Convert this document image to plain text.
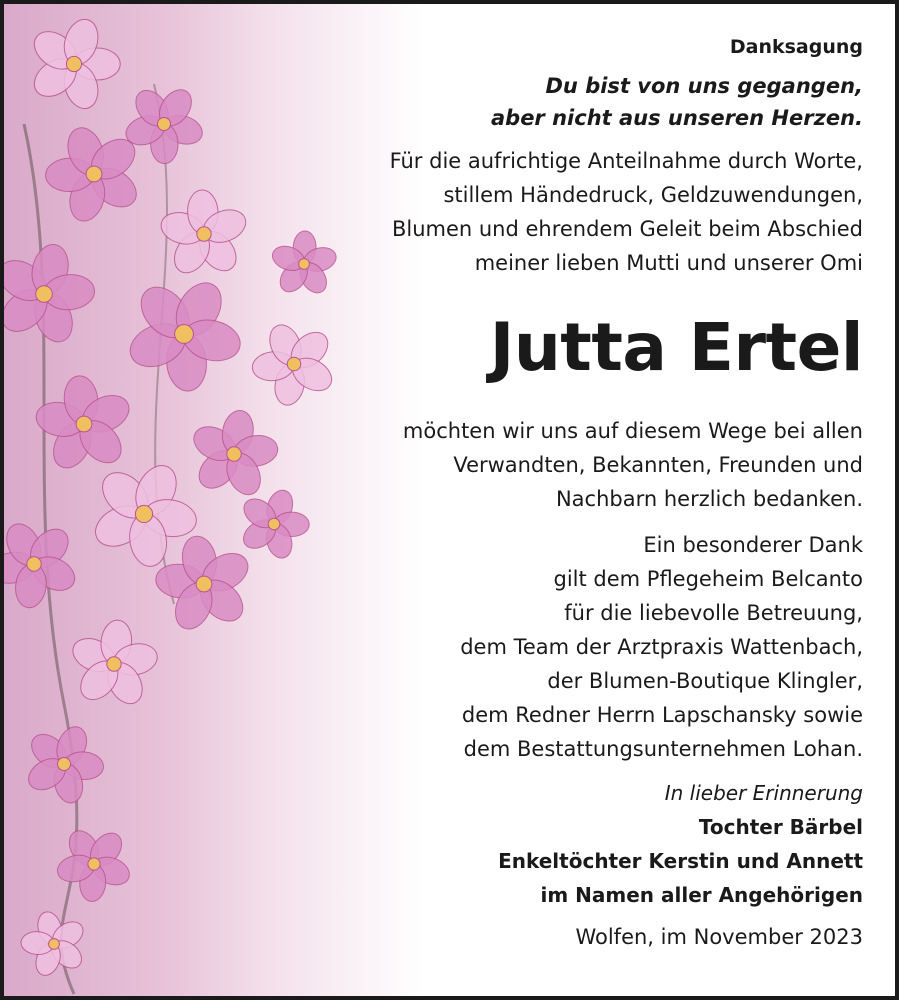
Danksagung
Du bist von uns gegangen,
aber nicht aus unseren Herzen.
Für die aufrichtige Anteilnahme durch Worte,
stillem Händedruck, Geldzuwendungen,
Blumen und ehrendem Geleit beim Abschied
meiner lieben Mutti und unserer Omi
Jutta Ertel
möchten wir uns auf diesem Wege bei allen
Verwandten, Bekannten, Freunden und
Nachbarn herzlich bedanken.
Ein besonderer Dank
gilt dem Pflegeheim Belcanto
für die liebevolle Betreuung,
dem Team der Arztpraxis Wattenbach,
der Blumen-Boutique Klingler,
dem Redner Herrn Lapschansky sowie
dem Bestattungsunternehmen Lohan.
In lieber Erinnerung
Tochter Bärbel
Enkeltöchter Kerstin und Annett
im Namen aller Angehörigen
Wolfen, im November 2023
